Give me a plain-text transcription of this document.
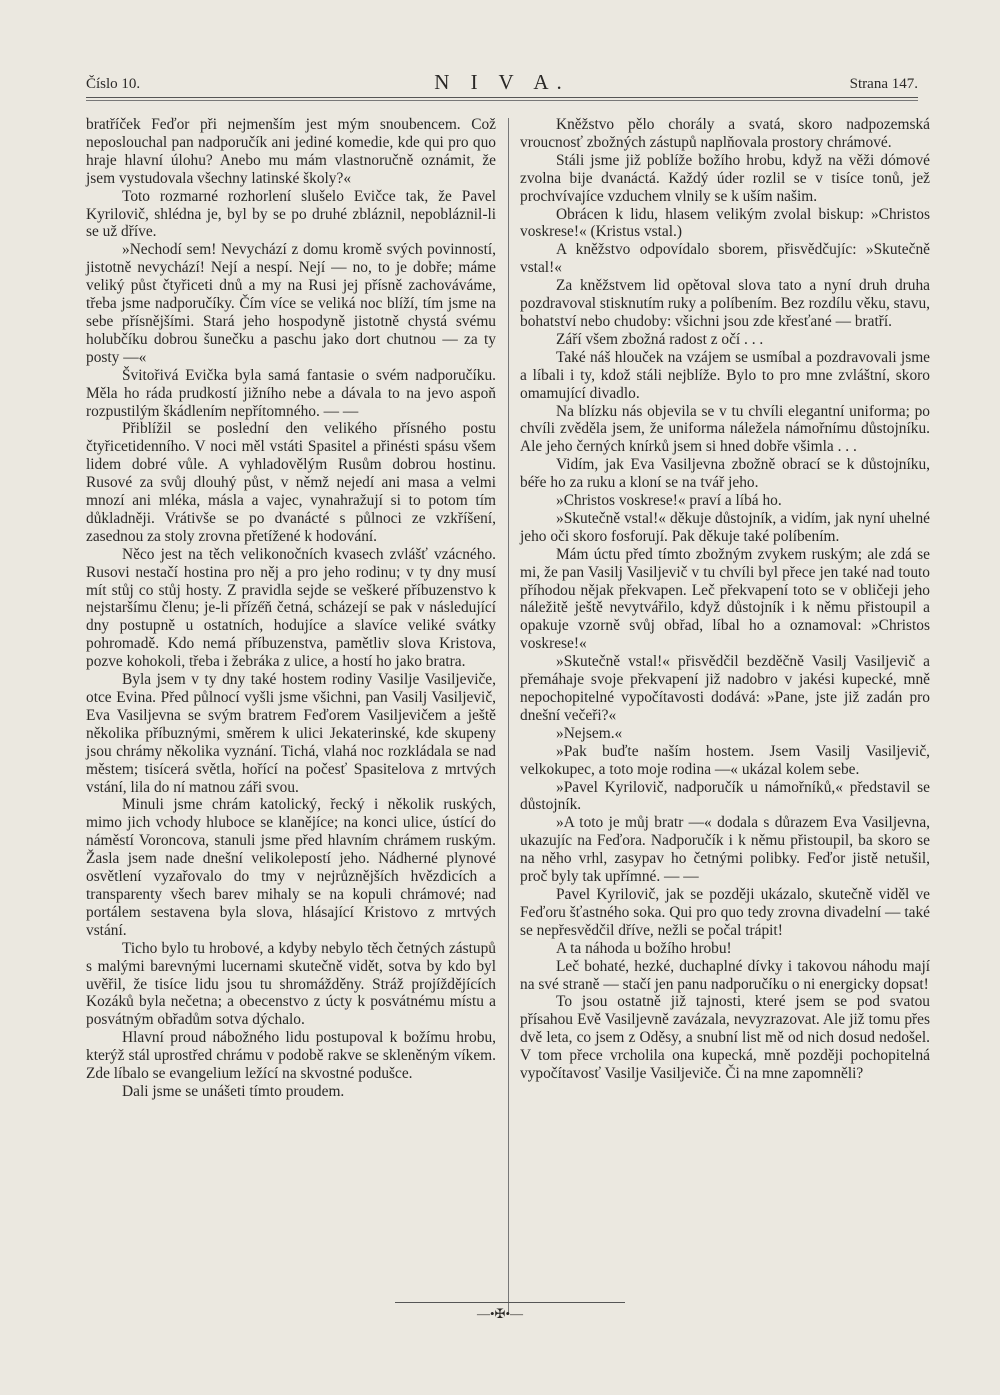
Číslo 10.	N I V A.	Strana 147.

bratříček Feďor při nejmenším jest mým snoubencem. Což neposlouchal pan nadporučík ani jediné komedie, kde qui pro quo hraje hlavní úlohu? Anebo mu mám vlastnoručně oznámit, že jsem vystudovala všechny latinské školy?«

Toto rozmarné rozhorlení slušelo Evičce tak, že Pavel Kyrilovič, shlédna je, byl by se po druhé zbláznil, nepobláznil-li se už dříve.

»Nechodí sem! Nevychází z domu kromě svých povinností, jistotně nevychází! Nejí a nespí. Nejí — no, to je dobře; máme veliký půst čtyřiceti dnů a my na Rusi jej přísně zachováváme, třeba jsme nadporučíky. Čím více se veliká noc blíží, tím jsme na sebe přísnějšími. Stará jeho hospodyně jistotně chystá svému holubčíku dobrou šunečku a paschu jako dort chutnou — za ty posty —«

Švitořivá Evička byla samá fantasie o svém nadporučíku. Měla ho ráda prudkostí jižního nebe a dávala to na jevo aspoň rozpustilým škádlením nepřítomného. — —

Přiblížil se poslední den velikého přísného postu čtyřicetidenního. V noci měl vstáti Spasitel a přinésti spásu všem lidem dobré vůle. A vyhladovělým Rusům dobrou hostinu. Rusové za svůj dlouhý půst, v němž nejedí ani masa a velmi mnozí ani mléka, másla a vajec, vynahražují si to potom tím důkladněji. Vrátivše se po dvanácté s půlnoci ze vzkříšení, zasednou za stoly zrovna přetížené k hodování.

Něco jest na těch velikonočních kvasech zvlášť vzácného. Rusovi nestačí hostina pro něj a pro jeho rodinu; v ty dny musí mít stůj co stůj hosty. Z pravidla sejde se veškeré příbuzenstvo k nejstaršímu členu; je-li příze̋ň četná, scházejí se pak v následující dny postupně u ostatních, hodujíce a slavíce veliké svátky pohromadě. Kdo nemá příbuzenstva, pamětliv slova Kristova, pozve kohokoli, třeba i žebráka z ulice, a hostí ho jako bratra.

Byla jsem v ty dny také hostem rodiny Vasilje Vasiljeviče, otce Evina. Před půlnocí vyšli jsme všichni, pan Vasilj Vasiljevič, Eva Vasiljevna se svým bratrem Feďorem Vasiljevičem a ještě několika příbuznými, směrem k ulici Jekaterinské, kde skupeny jsou chrámy několika vyznání. Tichá, vlahá noc rozkládala se nad městem; tisícerá světla, hořící na počesť Spasitelova z mrtvých vstání, lila do ní matnou záři svou.

Minuli jsme chrám katolický, řecký i několik ruských, mimo jich vchody hluboce se klanějíce; na konci ulice, ústící do náměstí Voroncova, stanuli jsme před hlavním chrámem ruským. Žasla jsem nade dnešní velikolepostí jeho. Nádherné plynové osvětlení vyzařovalo do tmy v nejrůznějších hvězdicích a transparenty všech barev mihaly se na kopuli chrámové; nad portálem sestavena byla slova, hlásající Kristovo z mrtvých vstání.

Ticho bylo tu hrobové, a kdyby nebylo těch četných zástupů s malými barevnými lucernami skutečně vidět, sotva by kdo byl uvěřil, že tisíce lidu jsou tu shromážděny. Stráž projíždějících Kozáků byla nečetna; a obecenstvo z úcty k posvátnému místu a posvátným obřadům sotva dýchalo.

Hlavní proud nábožného lidu postupoval k božímu hrobu, kterýž stál uprostřed chrámu v podobě rakve se skleněným víkem. Zde líbalo se evangelium ležící na skvostné podušce.

Dali jsme se unášeti tímto proudem.

Kněžstvo pělo chorály a svatá, skoro nadpozemská vroucnosť zbožných zástupů naplňovala prostory chrámové.

Stáli jsme již poblíže božího hrobu, když na věži dómové zvolna bije dvanáctá. Každý úder rozlil se v tisíce tonů, jež prochvívajíce vzduchem vlnily se k uším našim.

Obrácen k lidu, hlasem velikým zvolal biskup: »Christos voskrese!« (Kristus vstal.)

A kněžstvo odpovídalo sborem, přisvědčujíc: »Skutečně vstal!«

Za kněžstvem lid opětoval slova tato a nyní druh druha pozdravoval stisknutím ruky a políbením. Bez rozdílu věku, stavu, bohatství nebo chudoby: všichni jsou zde křesťané — bratří.

Září všem zbožná radost z očí . . .

Také náš hlouček na vzájem se usmíbal a pozdravovali jsme a líbali i ty, kdož stáli nejblíže. Bylo to pro mne zvláštní, skoro omamující divadlo.

Na blízku nás objevila se v tu chvíli elegantní uniforma; po chvíli zvěděla jsem, že uniforma náležela námořnímu důstojníku. Ale jeho černých knírků jsem si hned dobře všimla . . .

Vidím, jak Eva Vasiljevna zbožně obrací se k důstojníku, béře ho za ruku a kloní se na tvář jeho.

»Christos voskrese!« praví a líbá ho.

»Skutečně vstal!« děkuje důstojník, a vidím, jak nyní uhelné jeho oči skoro fosforují. Pak děkuje také políbením.

Mám úctu před tímto zbožným zvykem ruským; ale zdá se mi, že pan Vasilj Vasiljevič v tu chvíli byl přece jen také nad touto příhodou nějak překvapen. Leč překvapení toto se v obličeji jeho náležitě ještě nevytvářilo, když důstojník i k němu přistoupil a opakuje vzorně svůj obřad, líbal ho a oznamoval: »Christos voskrese!«

»Skutečně vstal!« přisvědčil bezděčně Vasilj Vasiljevič a přemáhaje svoje překvapení již nadobro v jakési kupecké, mně nepochopitelné vypočítavosti dodává: »Pane, jste již zadán pro dnešní večeři?«

»Nejsem.«

»Pak buďte naším hostem. Jsem Vasilj Vasiljevič, velkokupec, a toto moje rodina —« ukázal kolem sebe.

»Pavel Kyrilovič, nadporučík u námořníků,« představil se důstojník.

»A toto je můj bratr —« dodala s důrazem Eva Vasiljevna, ukazujíc na Feďora. Nadporučík i k němu přistoupil, ba skoro se na něho vrhl, zasypav ho četnými polibky. Feďor jistě netušil, proč byly tak upřímné. — —

Pavel Kyrilovič, jak se později ukázalo, skutečně viděl ve Feďoru šťastného soka. Qui pro quo tedy zrovna divadelní — také se nepřesvědčil dříve, nežli se počal trápit!

A ta náhoda u božího hrobu!

Leč bohaté, hezké, duchaplné dívky i takovou náhodu mají na své straně — stačí jen panu nadporučíku o ni energicky dopsat!

To jsou ostatně již tajnosti, které jsem se pod svatou přísahou Evě Vasiljevně zavázala, nevyzrazovat. Ale již tomu přes dvě leta, co jsem z Oděsy, a snubní list mě od nich dosud nedošel. V tom přece vrcholila ona kupecká, mně později pochopitelná vypočítavosť Vasilje Vasiljeviče. Či na mne zapomněli?

—•✠•—
